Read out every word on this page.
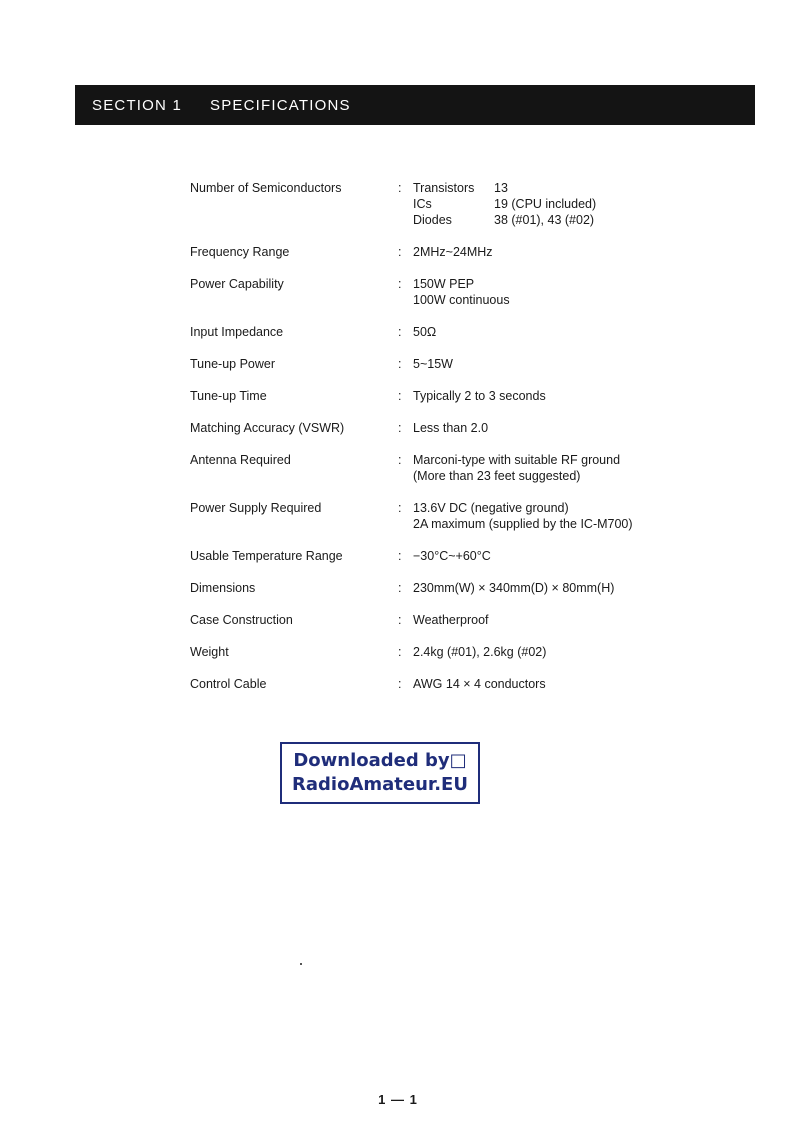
SECTION 1	SPECIFICATIONS
Number of Semiconductors	: Transistors	13
ICs	19 (CPU included)
Diodes	38 (#01), 43 (#02)
Frequency Range	: 2MHz~24MHz
Power Capability	: 150W PEP
100W continuous
Input Impedance	: 50Ω
Tune-up Power	: 5~15W
Tune-up Time	: Typically 2 to 3 seconds
Matching Accuracy (VSWR)	: Less than 2.0
Antenna Required	: Marconi-type with suitable RF ground
(More than 23 feet suggested)
Power Supply Required	: 13.6V DC (negative ground)
2A maximum (supplied by the IC-M700)
Usable Temperature Range	: −30°C~+60°C
Dimensions	: 230mm(W) × 340mm(D) × 80mm(H)
Case Construction	: Weatherproof
Weight	: 2.4kg (#01), 2.6kg (#02)
Control Cable	: AWG 14 × 4 conductors
Downloaded by□
RadioAmateur.EU
1 — 1
